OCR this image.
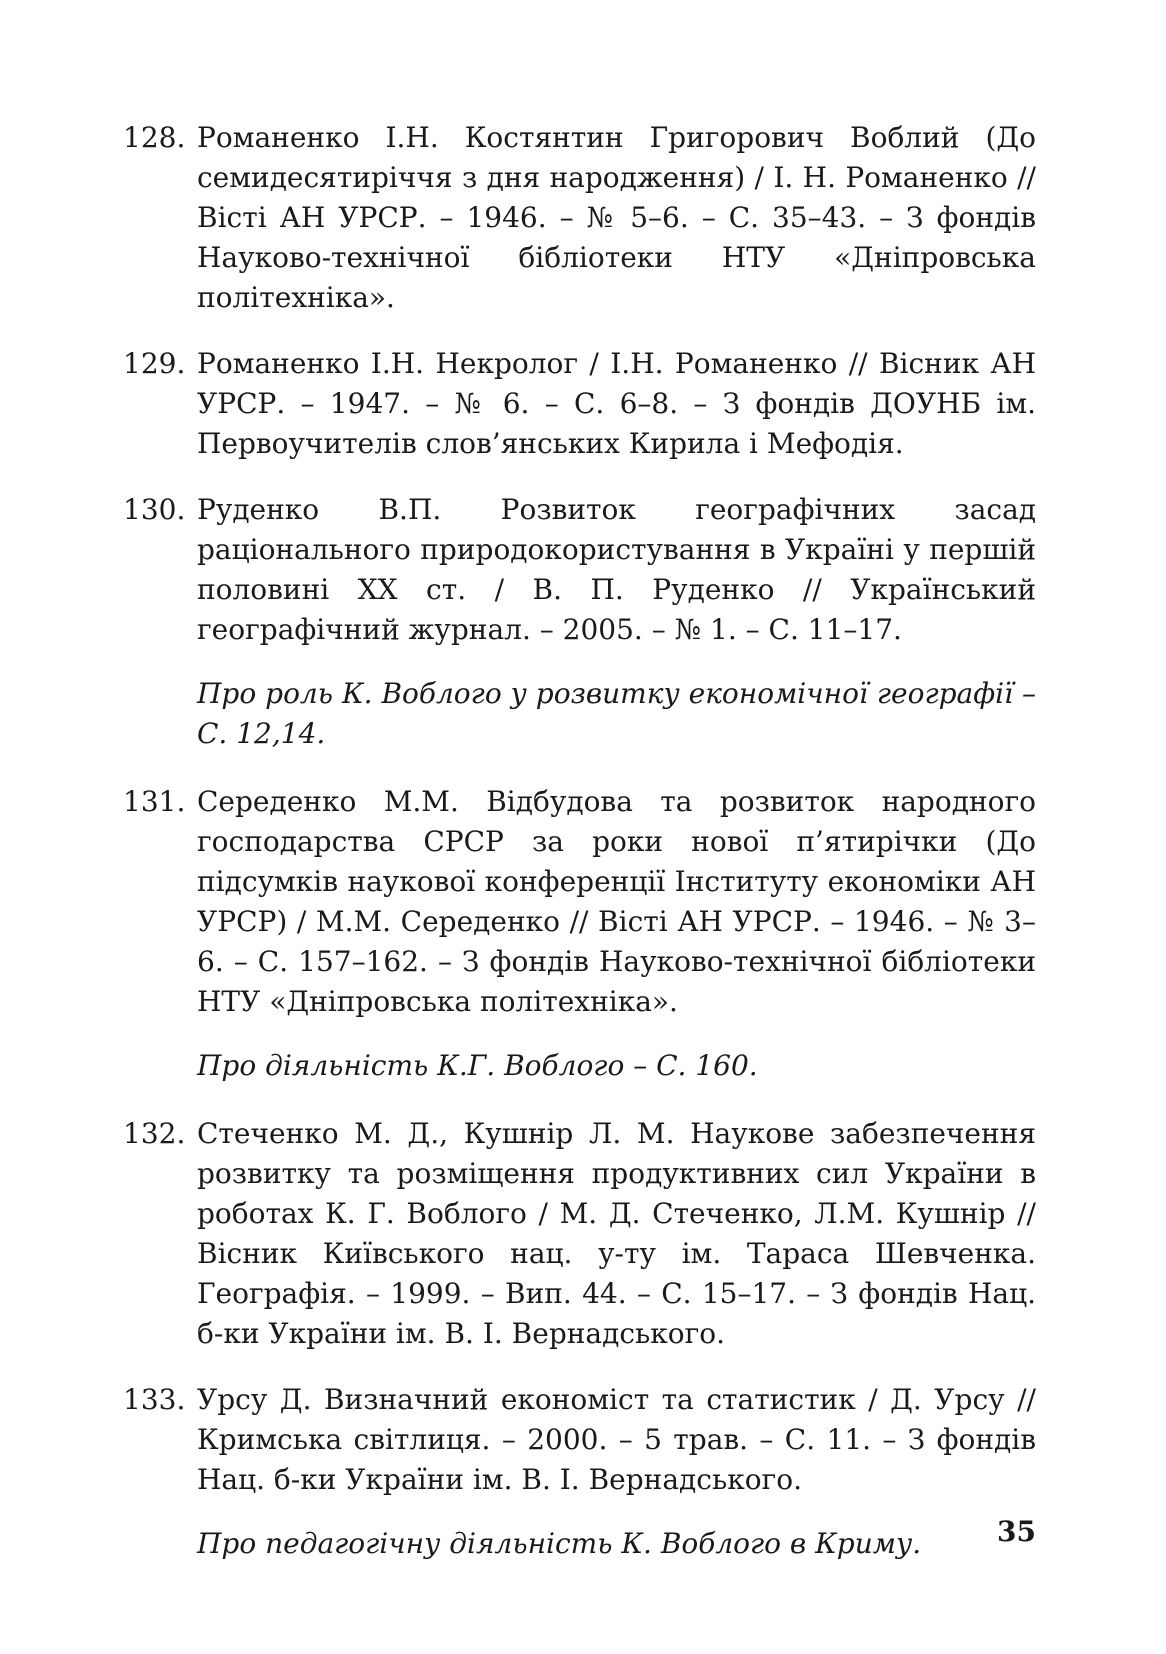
128. Романенко І.Н. Костянтин Григорович Воблий (До семидесятиріччя з дня народження) / І. Н. Романенко // Вісті АН УРСР. – 1946. – № 5–6. – С. 35–43. – З фондів Науково-технічної бібліотеки НТУ «Дніпровська політехніка».
129. Романенко І.Н. Некролог / І.Н. Романенко // Вісник АН УРСР. – 1947. – № 6. – С. 6–8. – З фондів ДОУНБ ім. Первоучителів слов’янських Кирила і Мефодія.
130. Руденко В.П. Розвиток географічних засад раціонального природокористування в Україні у першій половині ХХ ст. / В. П. Руденко // Український географічний журнал. – 2005. – № 1. – С. 11–17.
Про роль К. Воблого у розвитку економічної географії – С. 12,14.
131. Середенко М.М. Відбудова та розвиток народного господарства СРСР за роки нової п’ятирічки (До підсумків наукової конференції Інституту економіки АН УРСР) / М.М. Середенко // Вісті АН УРСР. – 1946. – № 3–6. – С. 157–162. – З фондів Науково-технічної бібліотеки НТУ «Дніпровська політехніка».
Про діяльність К.Г. Воблого – С. 160.
132. Стеченко М. Д., Кушнір Л. М. Наукове забезпечення розвитку та розміщення продуктивних сил України в роботах К. Г. Воблого / М. Д. Стеченко, Л.М. Кушнір // Вісник Київського нац. у-ту ім. Тараса Шевченка. Географія. – 1999. – Вип. 44. – С. 15–17. – З фондів Нац. б-ки України ім. В. І. Вернадського.
133. Урсу Д. Визначний економіст та статистик / Д. Урсу // Кримська світлиця. – 2000. – 5 трав. – С. 11. – З фондів Нац. б-ки України ім. В. І. Вернадського.
Про педагогічну діяльність К. Воблого в Криму.	35
